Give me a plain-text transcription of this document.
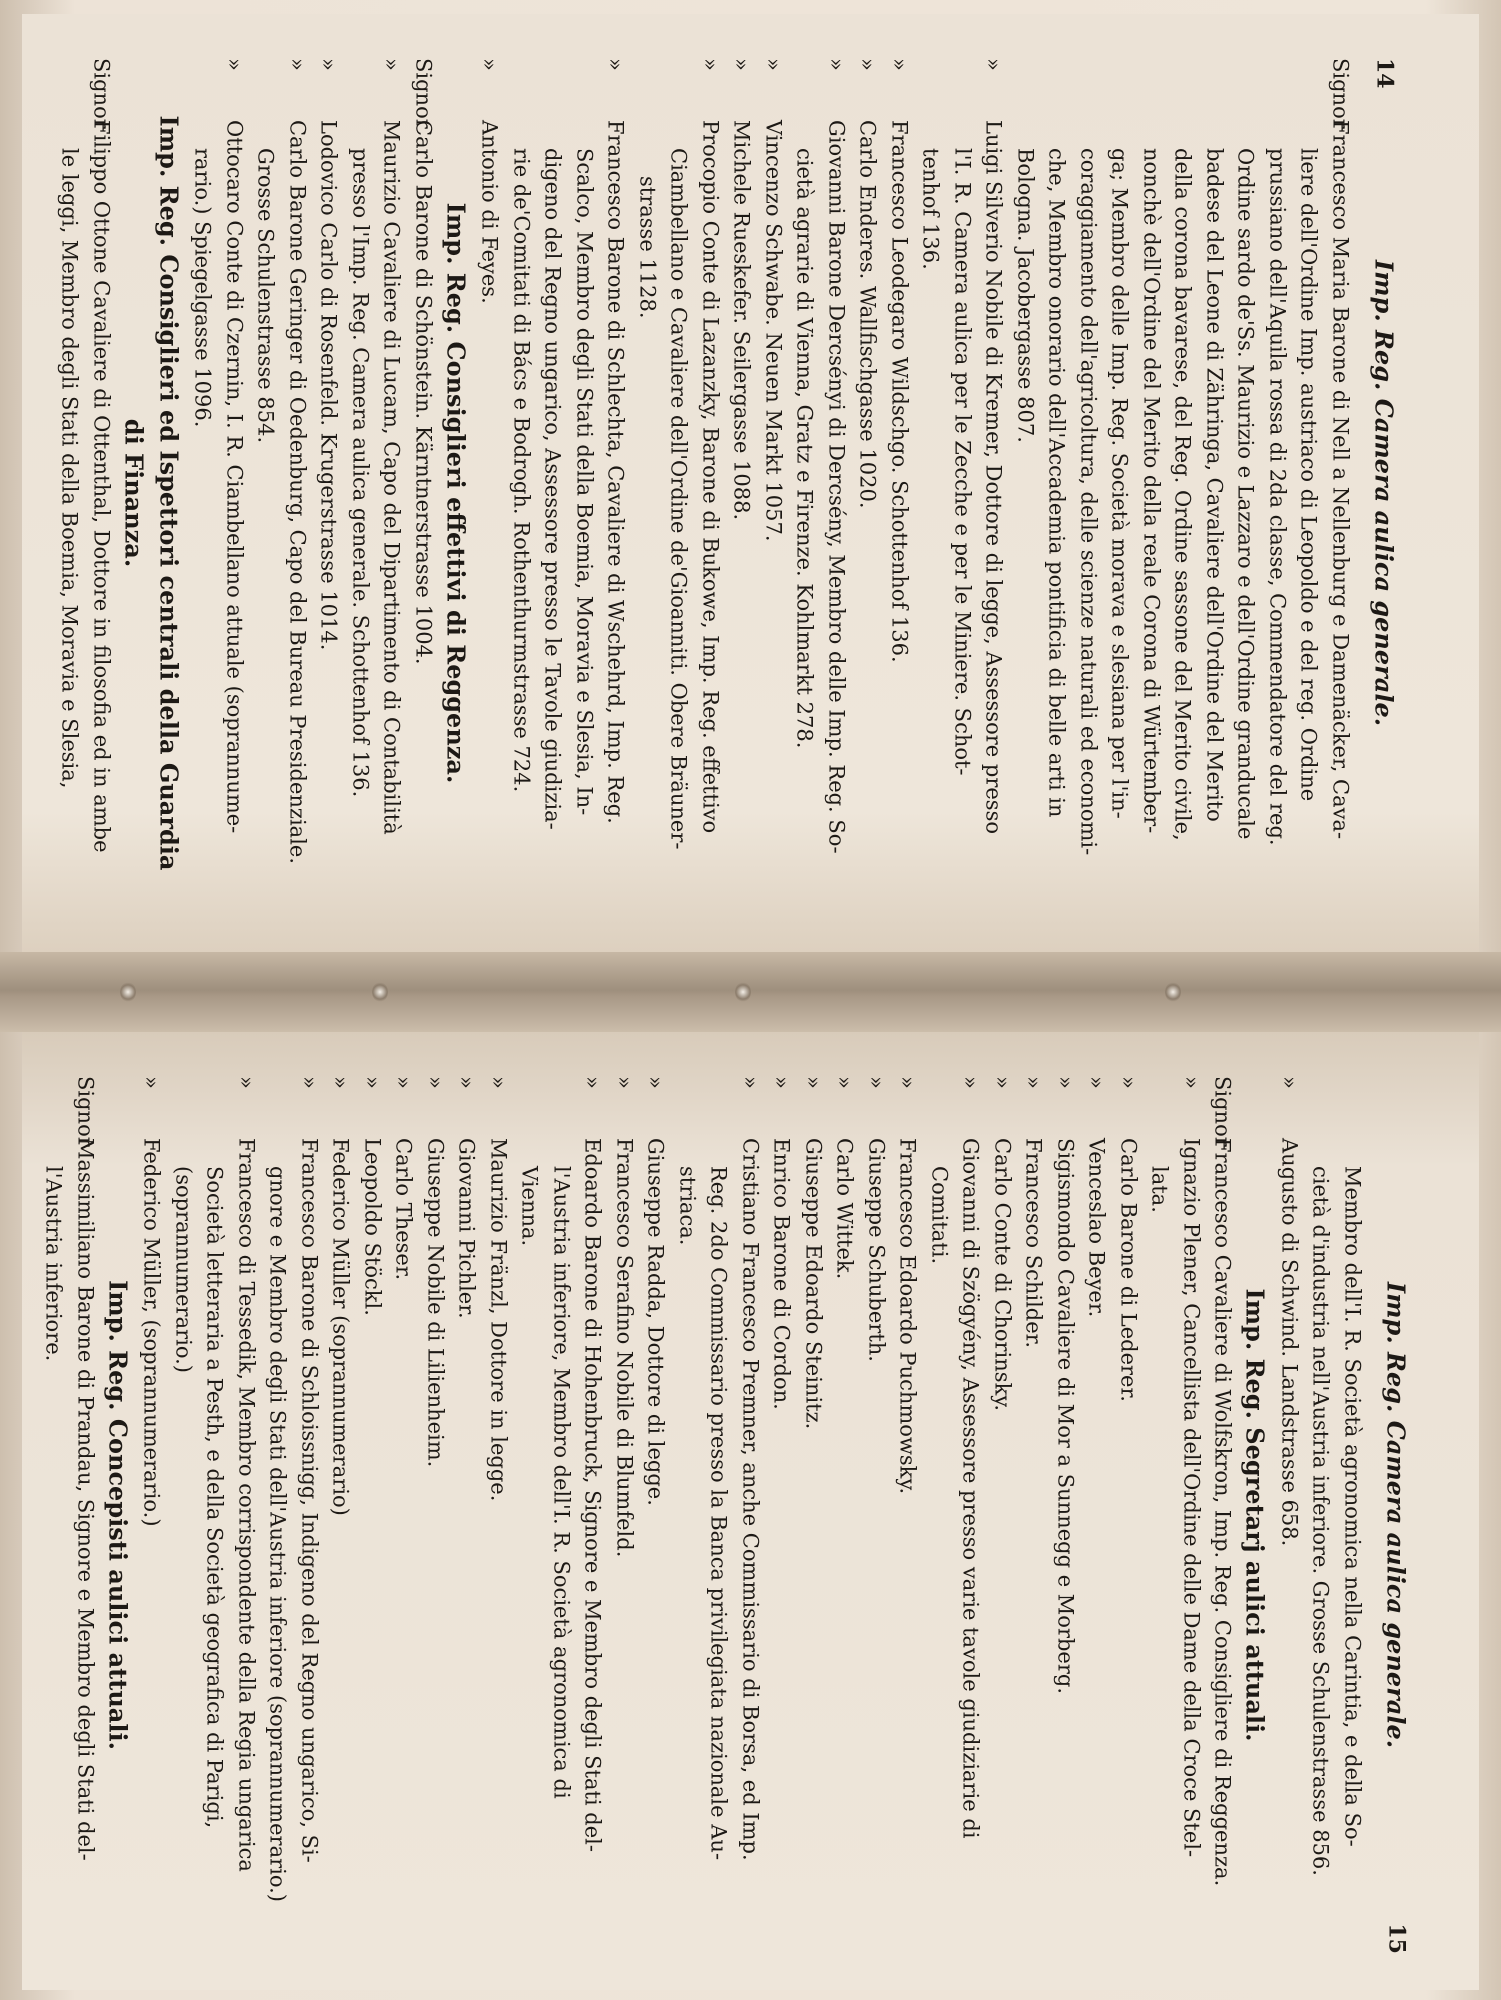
14
Imp. Reg. Camera aulica generale.
Signor
Francesco Maria Barone di Nell a Nellenburg e Damenäcker, Cava-
liere dell'Ordine Imp. austriaco di Leopoldo e del reg. Ordine
prussiano dell'Aquila rossa di 2da classe, Commendatore del reg.
Ordine sardo de'Ss. Maurizio e Lazzaro e dell'Ordine granducale
badese del Leone di Zähringa, Cavaliere dell'Ordine del Merito
della corona bavarese, del Reg. Ordine sassone del Merito civile,
nonchè dell'Ordine del Merito della reale Corona di Würtember-
ga; Membro delle Imp. Reg. Società morava e slesiana per l'in-
coraggiamento dell'agricoltura, delle scienze naturali ed economi-
che, Membro onorario dell'Accademia pontificia di belle arti in
Bologna. Jacobergasse 807.
»
Luigi Silverio Nobile di Kremer, Dottore di legge, Assessore presso
l'I. R. Camera aulica per le Zecche e per le Miniere. Schot-
tenhof 136.
»
Francesco Leodegaro Wildschgo. Schottenhof 136.
»
Carlo Enderes. Wallfischgasse 1020.
»
Giovanni Barone Dercsényi di Dercsény, Membro delle Imp. Reg. So-
cietà agrarie di Vienna, Gratz e Firenze. Kohlmarkt 278.
»
Vincenzo Schwabe. Neuen Markt 1057.
»
Michele Rueskefer. Seilergasse 1088.
»
Procopio Conte di Lazanzky, Barone di Bukowe, Imp. Reg. effettivo
Ciambellano e Cavaliere dell'Ordine de'Gioanniti. Obere Bräuner-
strasse 1128.
»
Francesco Barone di Schlechta, Cavaliere di Wschehrd, Imp. Reg.
Scalco, Membro degli Stati della Boemia, Moravia e Slesia, In-
digeno del Regno ungarico, Assessore presso le Tavole giudizia-
rie de'Comitati di Bács e Bodrogh. Rothenthurmstrasse 724.
»
Antonio di Feyes.
Imp. Reg. Consiglieri effettivi di Reggenza.
Signor
Carlo Barone di Schönstein. Kärntnerstrasse 1004.
»
Maurizio Cavaliere di Lucam, Capo del Dipartimento di Contabilità
presso l'Imp. Reg. Camera aulica generale. Schottenhof 136.
»
Lodovico Carlo di Rosenfeld. Krugerstrasse 1014.
»
Carlo Barone Geringer di Oedenburg, Capo del Bureau Presidenziale.
Grosse Schulenstrasse 854.
»
Ottocaro Conte di Czernin, I. R. Ciambellano attuale (soprannume-
rario.) Spiegelgasse 1096.
Imp. Reg. Consiglieri ed Ispettori centrali della Guardia
di Finanza.
Signor
Filippo Ottone Cavaliere di Ottenthal, Dottore in filosofia ed in ambe
le leggi, Membro degli Stati della Boemia, Moravia e Slesia,
Imp. Reg. Camera aulica generale.
15
Membro dell'I. R. Società agronomica nella Carintia, e della So-
cietà d'industria nell'Austria inferiore. Grosse Schulenstrasse 856.
»
Augusto di Schwind. Landstrasse 658.
Imp. Reg. Segretarj aulici attuali.
Signor
Francesco Cavaliere di Wolfskron, Imp. Reg. Consigliere di Reggenza.
»
Ignazio Plener, Cancellista dell'Ordine delle Dame della Croce Stel-
lata.
»
Carlo Barone di Lederer.
»
Venceslao Beyer.
»
Sigismondo Cavaliere di Mor a Sunnegg e Morberg.
»
Francesco Schilder.
»
Carlo Conte di Chorinsky.
»
Giovanni di Szögyény, Assessore presso varie tavole giudiziarie di
Comitati.
»
Francesco Edoardo Puchmowsky.
»
Giuseppe Schuberth.
»
Carlo Wittek.
»
Giuseppe Edoardo Steinitz.
»
Enrico Barone di Cordon.
»
Cristiano Francesco Premner, anche Commissario di Borsa, ed Imp.
Reg. 2do Commissario presso la Banca privilegiata nazionale Au-
striaca.
»
Giuseppe Radda, Dottore di legge.
»
Francesco Serafino Nobile di Blumfeld.
»
Edoardo Barone di Hohenbruck, Signore e Membro degli Stati del-
l'Austria inferiore, Membro dell'I. R. Società agronomica di
Vienna.
»
Maurizio Fränzl, Dottore in legge.
»
Giovanni Pichler.
»
Giuseppe Nobile di Lilienheim.
»
Carlo Theser.
»
Leopoldo Stöckl.
»
Federico Müller (soprannumerario)
»
Francesco Barone di Schloissnigg, Indigeno del Regno ungarico, Si-
gnore e Membro degli Stati dell'Austria inferiore (soprannumerario.)
»
Francesco di Tessedik, Membro corrispondente della Regia ungarica
Società letteraria a Pesth, e della Società geografica di Parigi,
(soprannumerario.)
»
Federico Müller, (soprannumerario.)
Imp. Reg. Concepisti aulici attuali.
Signor
Massimiliano Barone di Prandau, Signore e Membro degli Stati del-
l'Austria inferiore.
